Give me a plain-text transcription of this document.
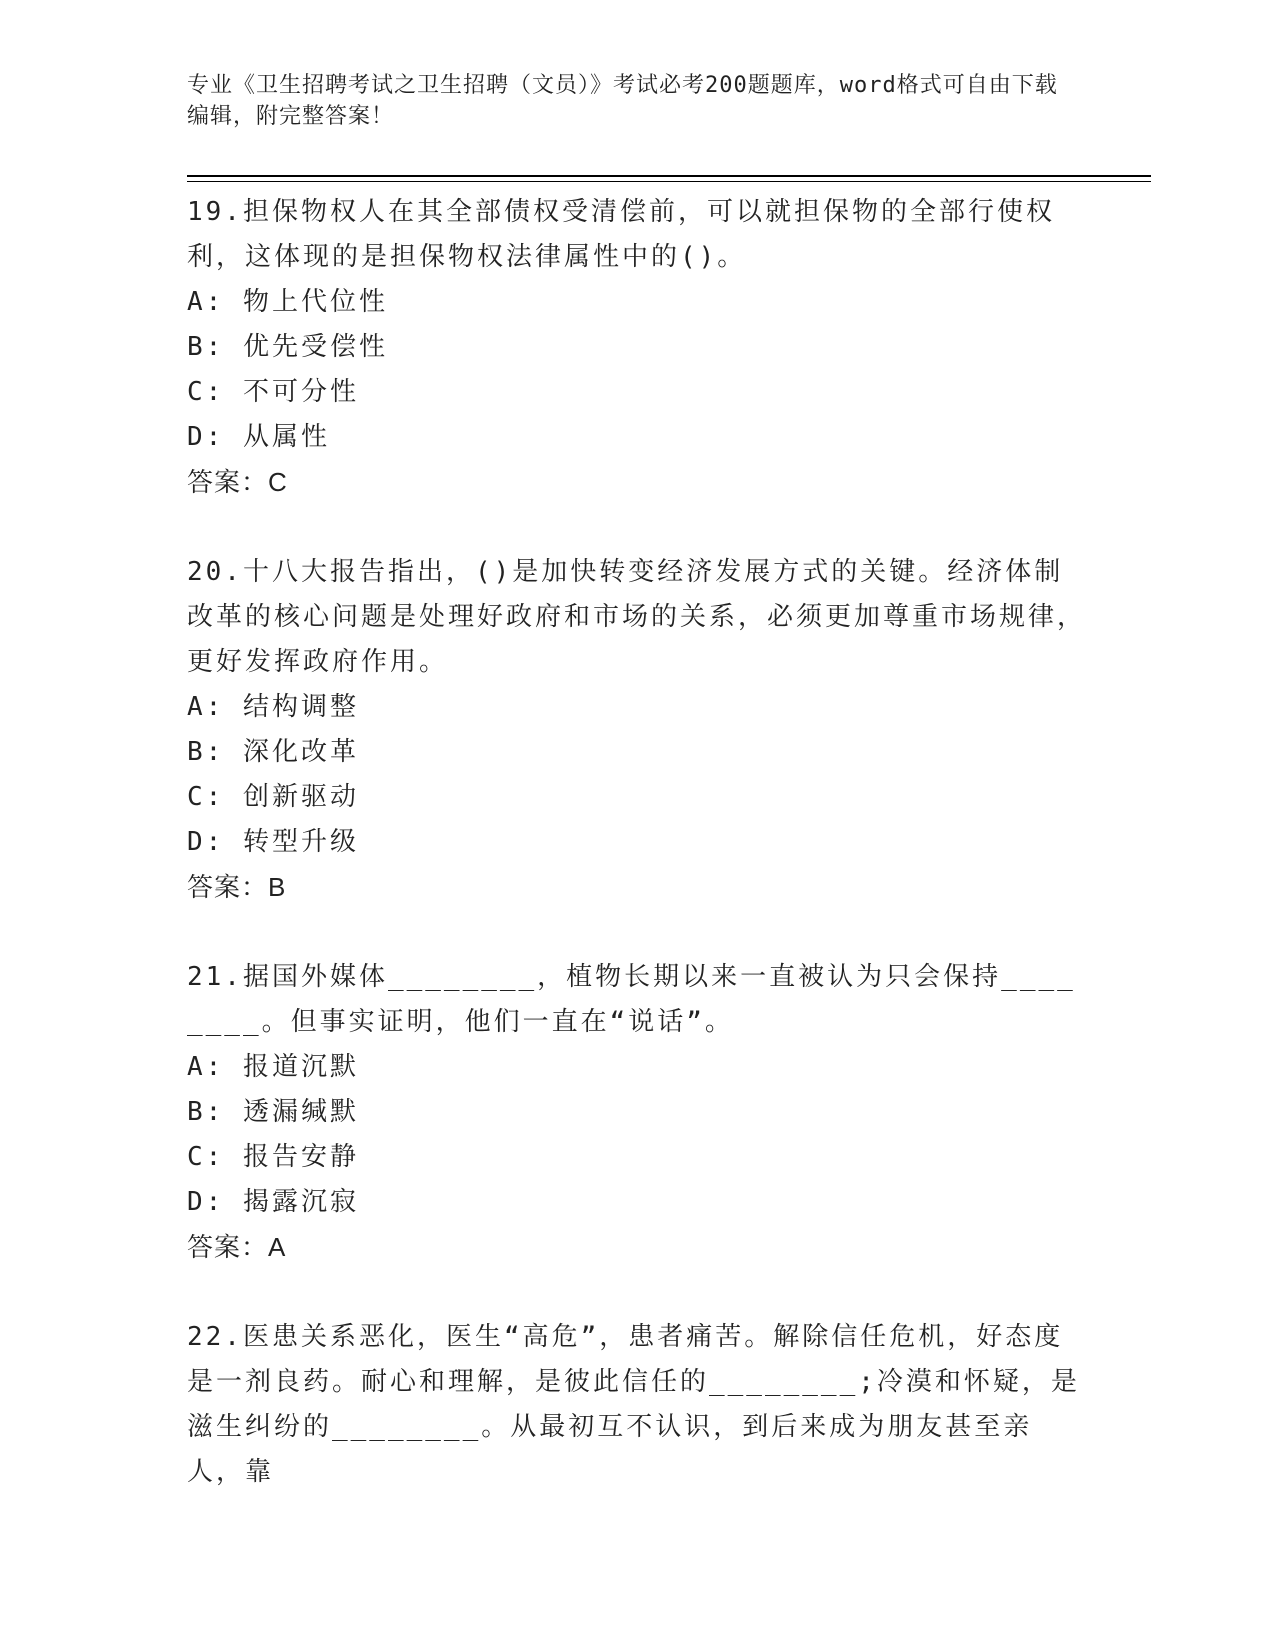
专业《卫生招聘考试之卫生招聘（文员）》考试必考200题题库，word格式可自由下载编辑，附完整答案！

19.担保物权人在其全部债权受清偿前，可以就担保物的全部行使权利，这体现的是担保物权法律属性中的()。

A: 物上代位性

B: 优先受偿性

C: 不可分性

D: 从属性

答案：C

20.十八大报告指出，()是加快转变经济发展方式的关键。经济体制改革的核心问题是处理好政府和市场的关系，必须更加尊重市场规律，更好发挥政府作用。

A: 结构调整

B: 深化改革

C: 创新驱动

D: 转型升级

答案：B

21.据国外媒体________，植物长期以来一直被认为只会保持________。但事实证明，他们一直在“说话”。

A: 报道沉默

B: 透漏缄默

C: 报告安静

D: 揭露沉寂

答案：A

22.医患关系恶化，医生“高危”，患者痛苦。解除信任危机，好态度是一剂良药。耐心和理解，是彼此信任的________;冷漠和怀疑，是滋生纠纷的________。从最初互不认识，到后来成为朋友甚至亲人，靠
